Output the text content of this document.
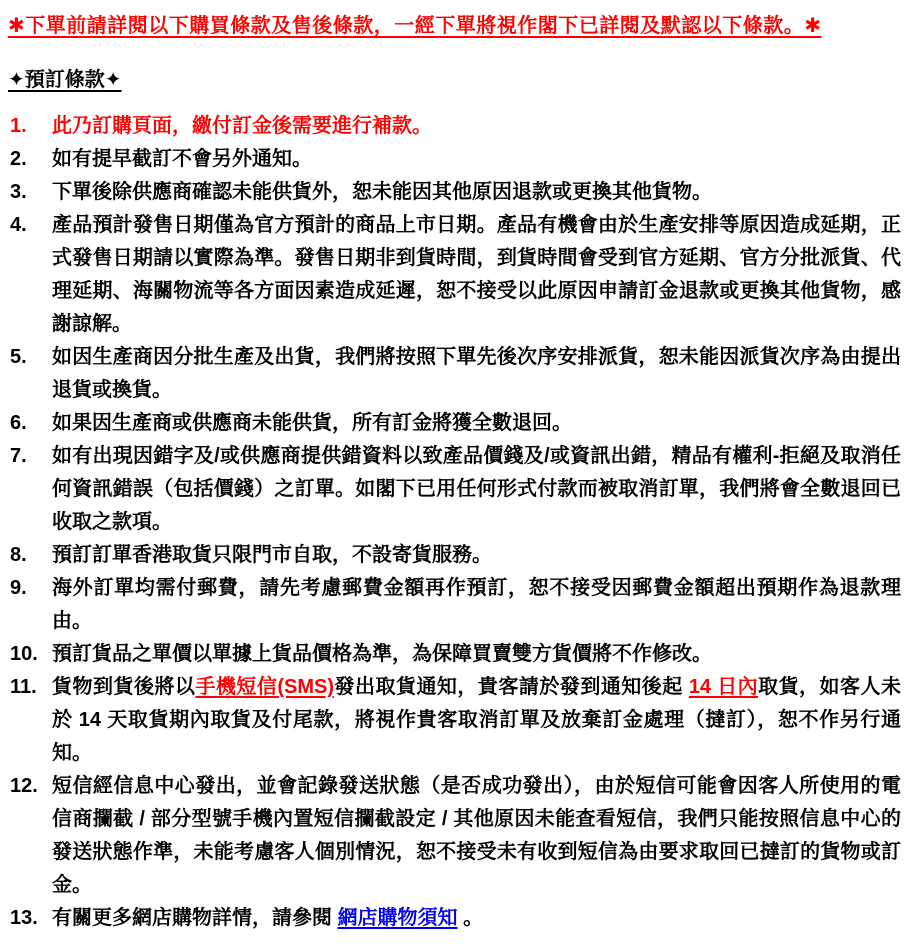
✱下單前請詳閱以下購買條款及售後條款，一經下單將視作閣下已詳閱及默認以下條款。✱
✦預訂條款✦
1. 此乃訂購頁面，繳付訂金後需要進行補款。
2. 如有提早截訂不會另外通知。
3. 下單後除供應商確認未能供貨外，恕未能因其他原因退款或更換其他貨物。
4. 產品預計發售日期僅為官方預計的商品上市日期。產品有機會由於生產安排等原因造成延期，正式發售日期請以實際為準。發售日期非到貨時間，到貨時間會受到官方延期、官方分批派貨、代理延期、海關物流等各方面因素造成延遲，恕不接受以此原因申請訂金退款或更換其他貨物，感謝諒解。
5. 如因生產商因分批生產及出貨，我們將按照下單先後次序安排派貨，恕未能因派貨次序為由提出退貨或換貨。
6. 如果因生產商或供應商未能供貨，所有訂金將獲全數退回。
7. 如有出現因錯字及/或供應商提供錯資料以致產品價錢及/或資訊出錯，精品有權利-拒絕及取消任何資訊錯誤（包括價錢）之訂單。如閣下已用任何形式付款而被取消訂單，我們將會全數退回已收取之款項。
8. 預訂訂單香港取貨只限門市自取，不設寄貨服務。
9. 海外訂單均需付郵費，請先考慮郵費金額再作預訂，恕不接受因郵費金額超出預期作為退款理由。
10. 預訂貨品之單價以單據上貨品價格為準，為保障買賣雙方貨價將不作修改。
11. 貨物到貨後將以手機短信(SMS)發出取貨通知，貴客請於發到通知後起 14 日內取貨，如客人未於 14 天取貨期內取貨及付尾款，將視作貴客取消訂單及放棄訂金處理（撻訂），恕不作另行通知。
12. 短信經信息中心發出，並會記錄發送狀態（是否成功發出），由於短信可能會因客人所使用的電信商攔截 / 部分型號手機內置短信攔截設定 / 其他原因未能查看短信，我們只能按照信息中心的發送狀態作準，未能考慮客人個別情況，恕不接受未有收到短信為由要求取回已撻訂的貨物或訂金。
13. 有關更多網店購物詳情，請參閱 網店購物須知 。
